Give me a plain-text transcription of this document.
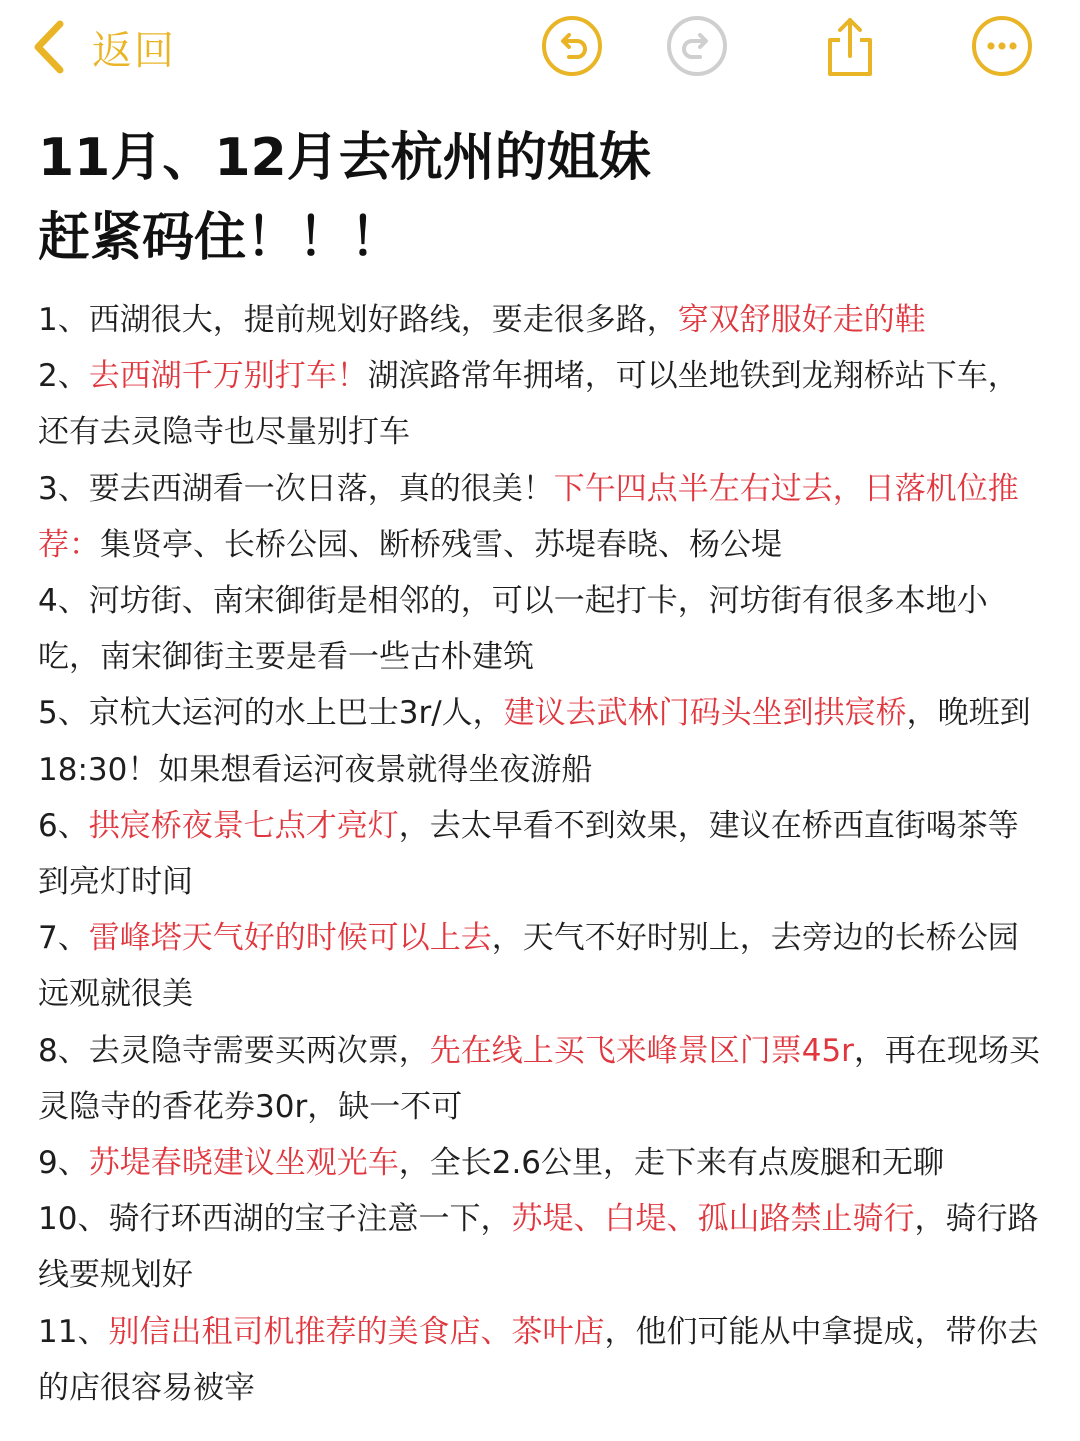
返回
11月、12月去杭州的姐妹
赶紧码住！！！

1、西湖很大，提前规划好路线，要走很多路，穿双舒服好走的鞋

2、去西湖千万别打车！湖滨路常年拥堵，可以坐地铁到龙翔桥站下车，还有去灵隐寺也尽量别打车

3、要去西湖看一次日落，真的很美！下午四点半左右过去，日落机位推荐：集贤亭、长桥公园、断桥残雪、苏堤春晓、杨公堤

4、河坊街、南宋御街是相邻的，可以一起打卡，河坊街有很多本地小吃，南宋御街主要是看一些古朴建筑

5、京杭大运河的水上巴士3r/人，建议去武林门码头坐到拱宸桥，晚班到18:30！如果想看运河夜景就得坐夜游船

6、拱宸桥夜景七点才亮灯，去太早看不到效果，建议在桥西直街喝茶等到亮灯时间

7、雷峰塔天气好的时候可以上去，天气不好时别上，去旁边的长桥公园远观就很美

8、去灵隐寺需要买两次票，先在线上买飞来峰景区门票45r，再在现场买灵隐寺的香花券30r，缺一不可

9、苏堤春晓建议坐观光车，全长2.6公里，走下来有点废腿和无聊

10、骑行环西湖的宝子注意一下，苏堤、白堤、孤山路禁止骑行，骑行路线要规划好

11、别信出租司机推荐的美食店、茶叶店，他们可能从中拿提成，带你去的店很容易被宰
